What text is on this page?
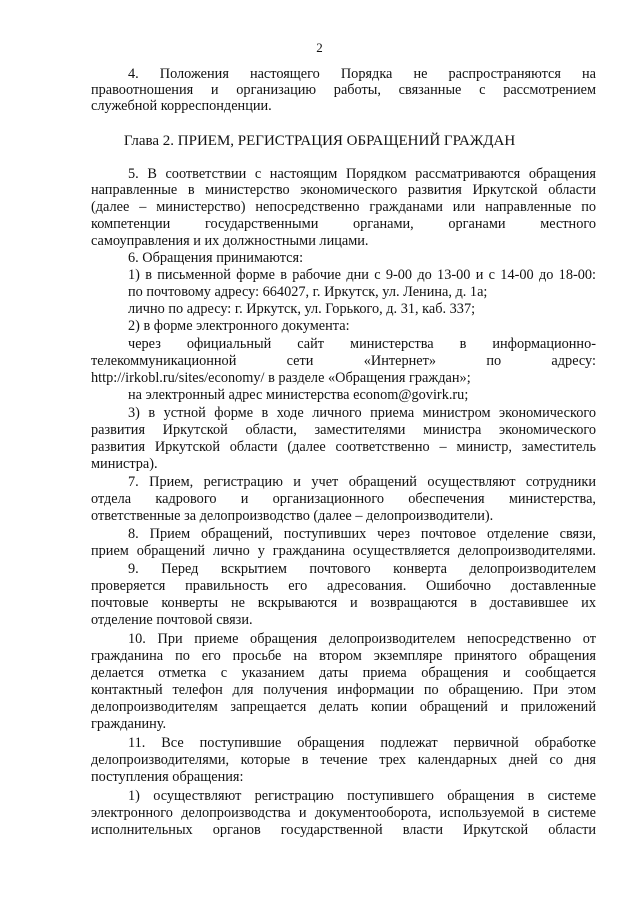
2
Глава 2. ПРИЕМ, РЕГИСТРАЦИЯ ОБРАЩЕНИЙ ГРАЖДАН
4. Положения настоящего Порядка не распространяются на
правоотношения и организацию работы, связанные с рассмотрением
служебной корреспонденции.
5. В соответствии с настоящим Порядком рассматриваются обращения
направленные в министерство экономического развития Иркутской области
(далее – министерство) непосредственно гражданами или направленные по
компетенции государственными органами, органами местного
самоуправления и их должностными лицами.
6. Обращения принимаются:
1) в письменной форме в рабочие дни с 9-00 до 13-00 и с 14-00 до 18-00:
по почтовому адресу: 664027, г. Иркутск, ул. Ленина, д. 1а;
лично по адресу: г. Иркутск, ул. Горького, д. 31, каб. 337;
2) в форме электронного документа:
через официальный сайт министерства в информационно-
телекоммуникационной сети «Интернет» по адресу:
http://irkobl.ru/sites/economy/ в разделе «Обращения граждан»;
на электронный адрес министерства econom@govirk.ru;
3) в устной форме в ходе личного приема министром экономического
развития Иркутской области, заместителями министра экономического
развития Иркутской области (далее соответственно – министр, заместитель
министра).
7. Прием, регистрацию и учет обращений осуществляют сотрудники
отдела кадрового и организационного обеспечения министерства,
ответственные за делопроизводство (далее – делопроизводители).
8. Прием обращений, поступивших через почтовое отделение связи,
прием обращений лично у гражданина осуществляется делопроизводителями.
9. Перед вскрытием почтового конверта делопроизводителем
проверяется правильность его адресования. Ошибочно доставленные
почтовые конверты не вскрываются и возвращаются в доставившее их
отделение почтовой связи.
10. При приеме обращения делопроизводителем непосредственно от
гражданина по его просьбе на втором экземпляре принятого обращения
делается отметка с указанием даты приема обращения и сообщается
контактный телефон для получения информации по обращению. При этом
делопроизводителям запрещается делать копии обращений и приложений
гражданину.
11. Все поступившие обращения подлежат первичной обработке
делопроизводителями, которые в течение трех календарных дней со дня
поступления обращения:
1) осуществляют регистрацию поступившего обращения в системе
электронного делопроизводства и документооборота, используемой в системе
исполнительных органов государственной власти Иркутской области
